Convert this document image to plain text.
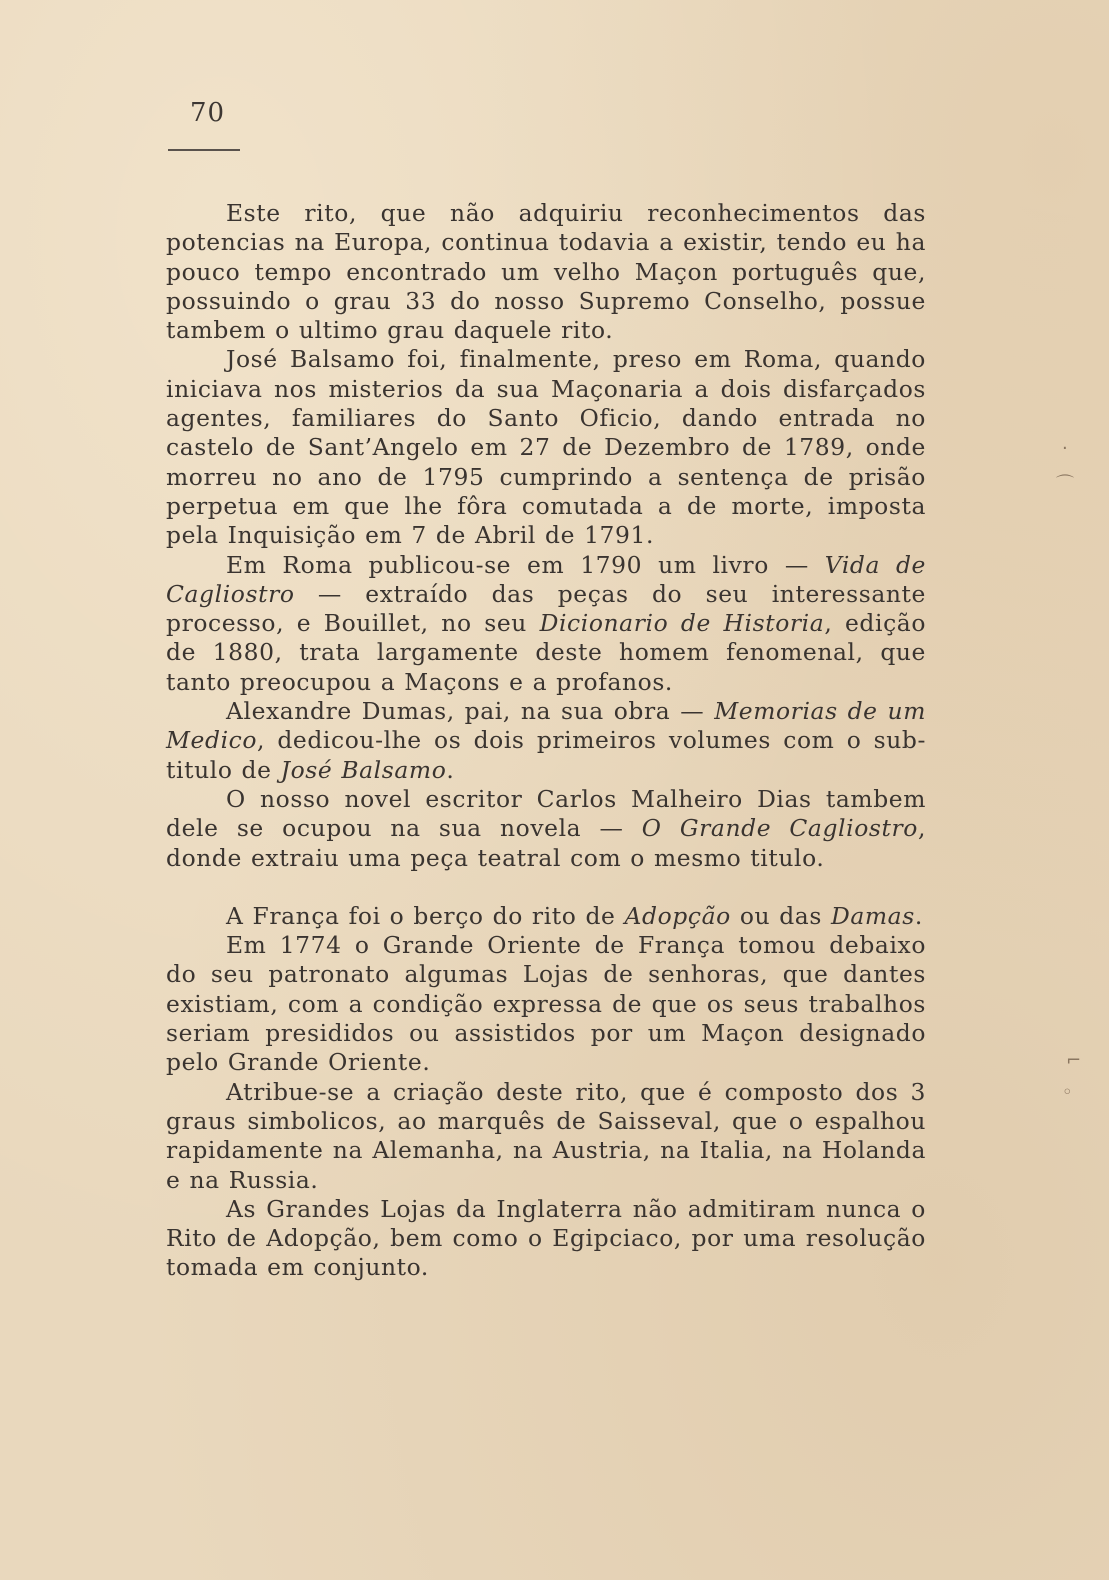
70

Este rito, que não adquiriu reconhecimentos das potencias na Europa, continua todavia a existir, tendo eu ha pouco tempo encontrado um velho Maçon português que, possuindo o grau 33 do nosso Supremo Conselho, possue tambem o ultimo grau daquele rito.

José Balsamo foi, finalmente, preso em Roma, quando iniciava nos misterios da sua Maçonaria a dois disfarçados agentes, familiares do Santo Oficio, dando entrada no castelo de Sant’Angelo em 27 de Dezembro de 1789, onde morreu no ano de 1795 cumprindo a sentença de prisão perpetua em que lhe fôra comutada a de morte, imposta pela Inquisição em 7 de Abril de 1791.

Em Roma publicou-se em 1790 um livro — Vida de Cagliostro — extraído das peças do seu interessante processo, e Bouillet, no seu Dicionario de Historia, edição de 1880, trata largamente deste homem fenomenal, que tanto preocupou a Maçons e a profanos.

Alexandre Dumas, pai, na sua obra — Memorias de um Medico, dedicou-lhe os dois primeiros volumes com o sub-titulo de José Balsamo.

O nosso novel escritor Carlos Malheiro Dias tambem dele se ocupou na sua novela — O Grande Cagliostro, donde extraiu uma peça teatral com o mesmo titulo.

A França foi o berço do rito de Adopção ou das Damas.

Em 1774 o Grande Oriente de França tomou debaixo do seu patronato algumas Lojas de senhoras, que dantes existiam, com a condição expressa de que os seus trabalhos seriam presididos ou assistidos por um Maçon designado pelo Grande Oriente.

Atribue-se a criação deste rito, que é composto dos 3 graus simbolicos, ao marquês de Saisseval, que o espalhou rapidamente na Alemanha, na Austria, na Italia, na Holanda e na Russia.

As Grandes Lojas da Inglaterra não admitiram nunca o Rito de Adopção, bem como o Egipciaco, por uma resolução tomada em conjunto.

·
⌒
⌐
◦
